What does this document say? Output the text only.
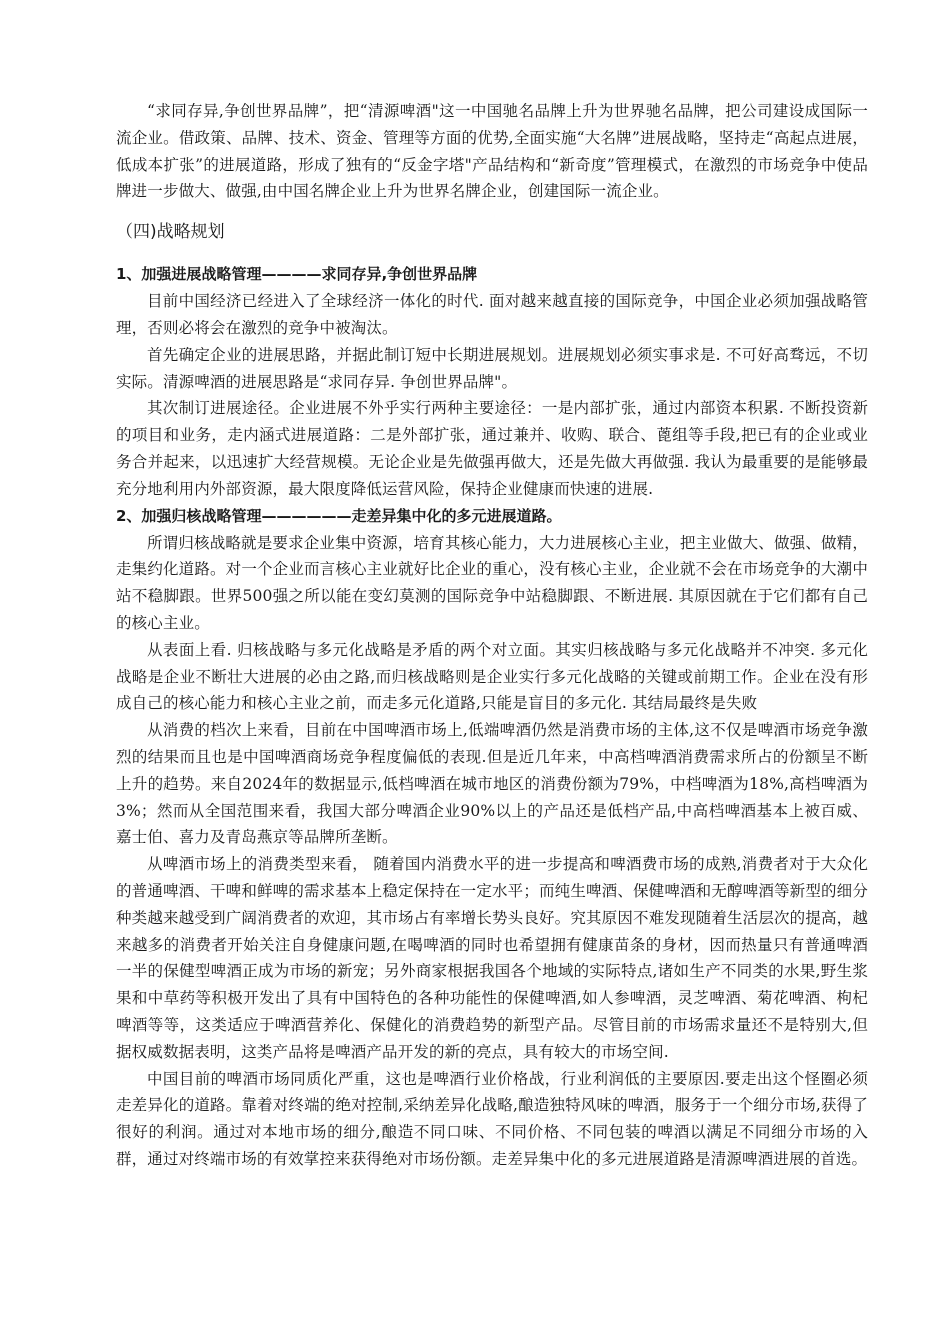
“求同存异,争创世界品牌”，把“清源啤酒"这一中国驰名品牌上升为世界驰名品牌，把公司建设成国际一流企业。借政策、品牌、技术、资金、管理等方面的优势,全面实施“大名牌”进展战略，坚持走“高起点进展，低成本扩张”的进展道路，形成了独有的“反金字塔"产品结构和“新奇度”管理模式，在激烈的市场竞争中使品牌进一步做大、做强,由中国名牌企业上升为世界名牌企业，创建国际一流企业。

（四)战略规划
1、加强进展战略管理————求同存异,争创世界品牌

目前中国经济已经进入了全球经济一体化的时代. 面对越来越直接的国际竞争，中国企业必须加强战略管理，否则必将会在激烈的竞争中被淘汰。

首先确定企业的进展思路，并据此制订短中长期进展规划。进展规划必须实事求是. 不可好高骛远，不切实际。清源啤酒的进展思路是“求同存异. 争创世界品牌"。

其次制订进展途径。企业进展不外乎实行两种主要途径：一是内部扩张，通过内部资本积累. 不断投资新的项目和业务，走内涵式进展道路：二是外部扩张，通过兼并、收购、联合、蓖组等手段,把已有的企业或业务合并起来，以迅速扩大经营规模。无论企业是先做强再做大，还是先做大再做强. 我认为最重要的是能够最充分地利用内外部资源，最大限度降低运营风险，保持企业健康而快速的进展.

2、加强归核战略管理——————走差异集中化的多元进展道路。

所谓归核战略就是要求企业集中资源，培育其核心能力，大力进展核心主业，把主业做大、做强、做精，走集约化道路。对一个企业而言核心主业就好比企业的重心，没有核心主业，企业就不会在市场竞争的大潮中站不稳脚跟。世界500强之所以能在变幻莫测的国际竞争中站稳脚跟、不断进展. 其原因就在于它们都有自己的核心主业。

从表面上看. 归核战略与多元化战略是矛盾的两个对立面。其实归核战略与多元化战略并不冲突. 多元化战略是企业不断壮大进展的必由之路,而归核战略则是企业实行多元化战略的关键或前期工作。企业在没有形成自己的核心能力和核心主业之前，而走多元化道路,只能是盲目的多元化. 其结局最终是失败

从消费的档次上来看，目前在中国啤酒市场上,低端啤酒仍然是消费市场的主体,这不仅是啤酒市场竞争激烈的结果而且也是中国啤酒商场竞争程度偏低的表现.但是近几年来，中高档啤酒消费需求所占的份额呈不断上升的趋势。来自2024年的数据显示,低档啤酒在城市地区的消费份额为79%，中档啤酒为18%,高档啤酒为3%；然而从全国范围来看，我国大部分啤酒企业90%以上的产品还是低档产品,中高档啤酒基本上被百威、嘉士伯、喜力及青岛燕京等品牌所垄断。

从啤酒市场上的消费类型来看， 随着国内消费水平的进一步提高和啤酒费市场的成熟,消费者对于大众化的普通啤酒、干啤和鲜啤的需求基本上稳定保持在一定水平；而纯生啤酒、保健啤酒和无醇啤酒等新型的细分种类越来越受到广阔消费者的欢迎，其市场占有率增长势头良好。究其原因不难发现随着生活层次的提高，越来越多的消费者开始关注自身健康问题,在喝啤酒的同时也希望拥有健康苗条的身材，因而热量只有普通啤酒一半的保健型啤酒正成为市场的新宠；另外商家根据我国各个地域的实际特点,诸如生产不同类的水果,野生浆果和中草药等积极开发出了具有中国特色的各种功能性的保健啤酒,如人参啤酒，灵芝啤酒、菊花啤酒、枸杞啤酒等等，这类适应于啤酒营养化、保健化的消费趋势的新型产品。尽管目前的市场需求量还不是特别大,但据权威数据表明，这类产品将是啤酒产品开发的新的亮点，具有较大的市场空间.

中国目前的啤酒市场同质化严重，这也是啤酒行业价格战，行业利润低的主要原因.要走出这个怪圈必须走差异化的道路。靠着对终端的绝对控制,采纳差异化战略,酿造独特风味的啤酒，服务于一个细分市场,获得了很好的利润。通过对本地市场的细分,酿造不同口味、不同价格、不同包装的啤酒以满足不同细分市场的入群，通过对终端市场的有效掌控来获得绝对市场份额。走差异集中化的多元进展道路是清源啤酒进展的首选。
